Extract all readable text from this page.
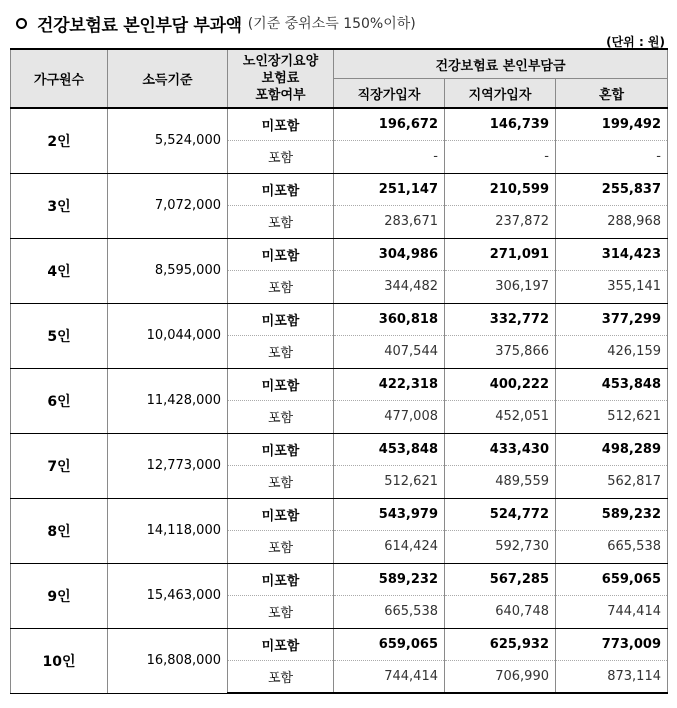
건강보험료 본인부담 부과액 (기준 중위소득 150%이하)
(단위 : 원)
가구원수	소득기준	노인장기요양
보험료
포함여부	건강보험료 본인부담금		
			직장가입자	지역가입자	혼합
2인	5,524,000	미포함	196,672	146,739	199,492
		포함	-	-	-
3인	7,072,000	미포함	251,147	210,599	255,837
		포함	283,671	237,872	288,968
4인	8,595,000	미포함	304,986	271,091	314,423
		포함	344,482	306,197	355,141
5인	10,044,000	미포함	360,818	332,772	377,299
		포함	407,544	375,866	426,159
6인	11,428,000	미포함	422,318	400,222	453,848
		포함	477,008	452,051	512,621
7인	12,773,000	미포함	453,848	433,430	498,289
		포함	512,621	489,559	562,817
8인	14,118,000	미포함	543,979	524,772	589,232
		포함	614,424	592,730	665,538
9인	15,463,000	미포함	589,232	567,285	659,065
		포함	665,538	640,748	744,414
10인	16,808,000	미포함	659,065	625,932	773,009
		포함	744,414	706,990	873,114
